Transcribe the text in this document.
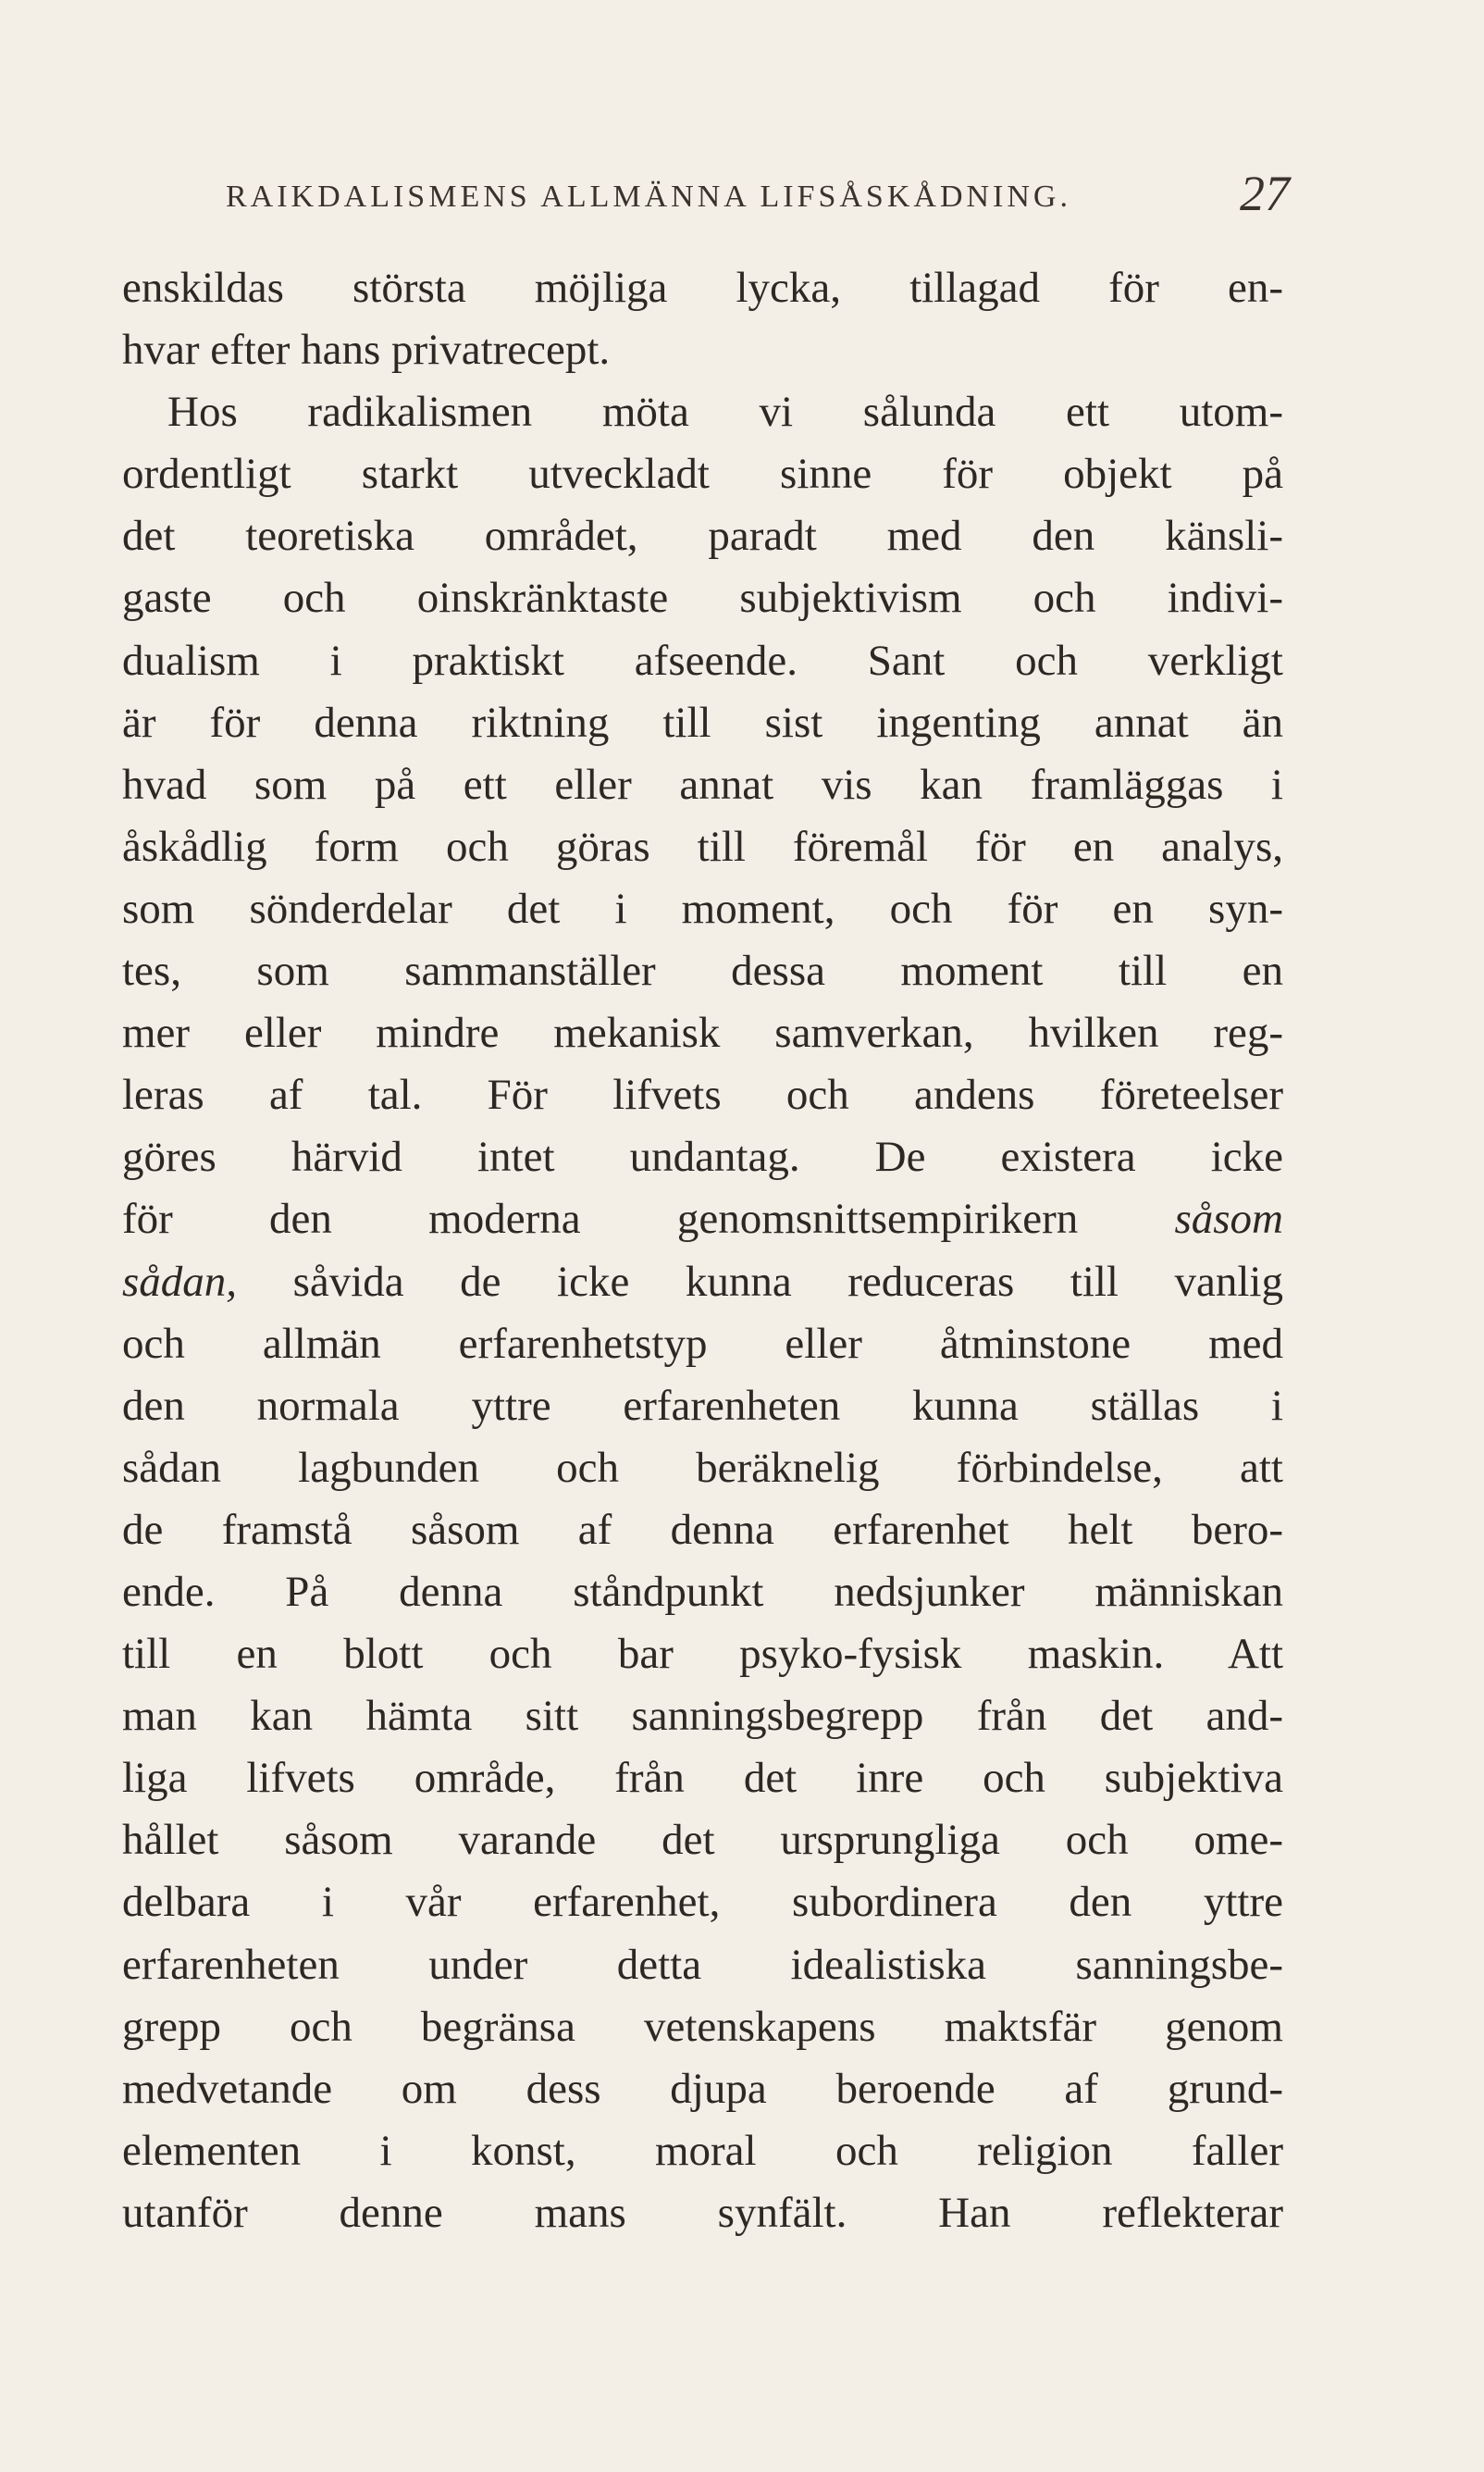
RAIKDALISMENS ALLMÄNNA LIFSÅSKÅDNING.	27
enskildas största möjliga lycka, tillagad för en-
hvar efter hans privatrecept.
Hos radikalismen möta vi sålunda ett utom-
ordentligt starkt utveckladt sinne för objekt på
det teoretiska området, paradt med den känsli-
gaste och oinskränktaste subjektivism och indivi-
dualism i praktiskt afseende. Sant och verkligt
är för denna riktning till sist ingenting annat än
hvad som på ett eller annat vis kan framläggas i
åskådlig form och göras till föremål för en analys,
som sönderdelar det i moment, och för en syn-
tes, som sammanställer dessa moment till en
mer eller mindre mekanisk samverkan, hvilken reg-
leras af tal. För lifvets och andens företeelser
göres härvid intet undantag. De existera icke
för den moderna genomsnittsempirikern såsom
sådan, såvida de icke kunna reduceras till vanlig
och allmän erfarenhetstyp eller åtminstone med
den normala yttre erfarenheten kunna ställas i
sådan lagbunden och beräknelig förbindelse, att
de framstå såsom af denna erfarenhet helt bero-
ende. På denna ståndpunkt nedsjunker människan
till en blott och bar psyko-fysisk maskin. Att
man kan hämta sitt sanningsbegrepp från det and-
liga lifvets område, från det inre och subjektiva
hållet såsom varande det ursprungliga och ome-
delbara i vår erfarenhet, subordinera den yttre
erfarenheten under detta idealistiska sanningsbe-
grepp och begränsa vetenskapens maktsfär genom
medvetande om dess djupa beroende af grund-
elementen i konst, moral och religion faller
utanför denne mans synfält. Han reflekterar
